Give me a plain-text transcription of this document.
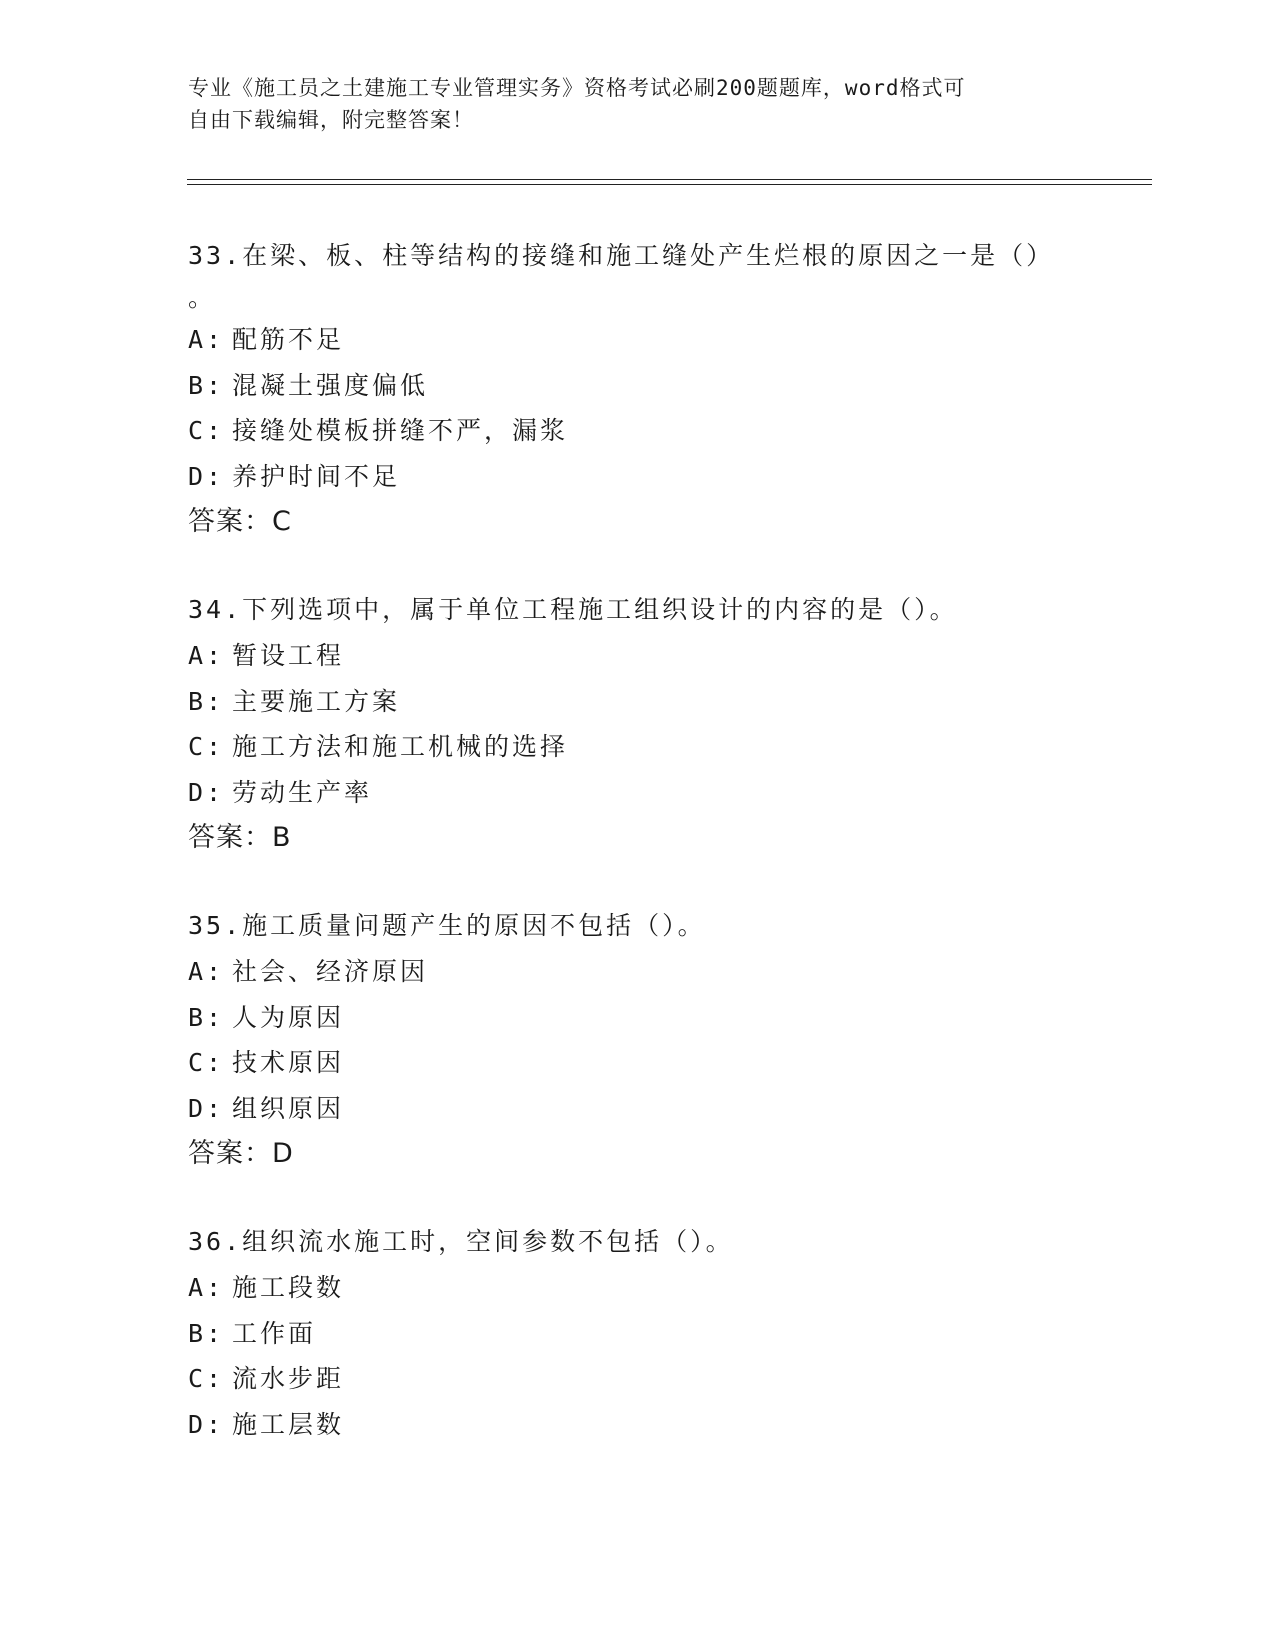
专业《施工员之土建施工专业管理实务》资格考试必刷200题题库，word格式可
自由下载编辑，附完整答案！
33.在梁、板、柱等结构的接缝和施工缝处产生烂根的原因之一是（）
。
A: 配筋不足
B: 混凝土强度偏低
C: 接缝处模板拼缝不严，漏浆
D: 养护时间不足
答案：C
34.下列选项中，属于单位工程施工组织设计的内容的是（）。
A: 暂设工程
B: 主要施工方案
C: 施工方法和施工机械的选择
D: 劳动生产率
答案：B
35.施工质量问题产生的原因不包括（）。
A: 社会、经济原因
B: 人为原因
C: 技术原因
D: 组织原因
答案：D
36.组织流水施工时，空间参数不包括（）。
A: 施工段数
B: 工作面
C: 流水步距
D: 施工层数
